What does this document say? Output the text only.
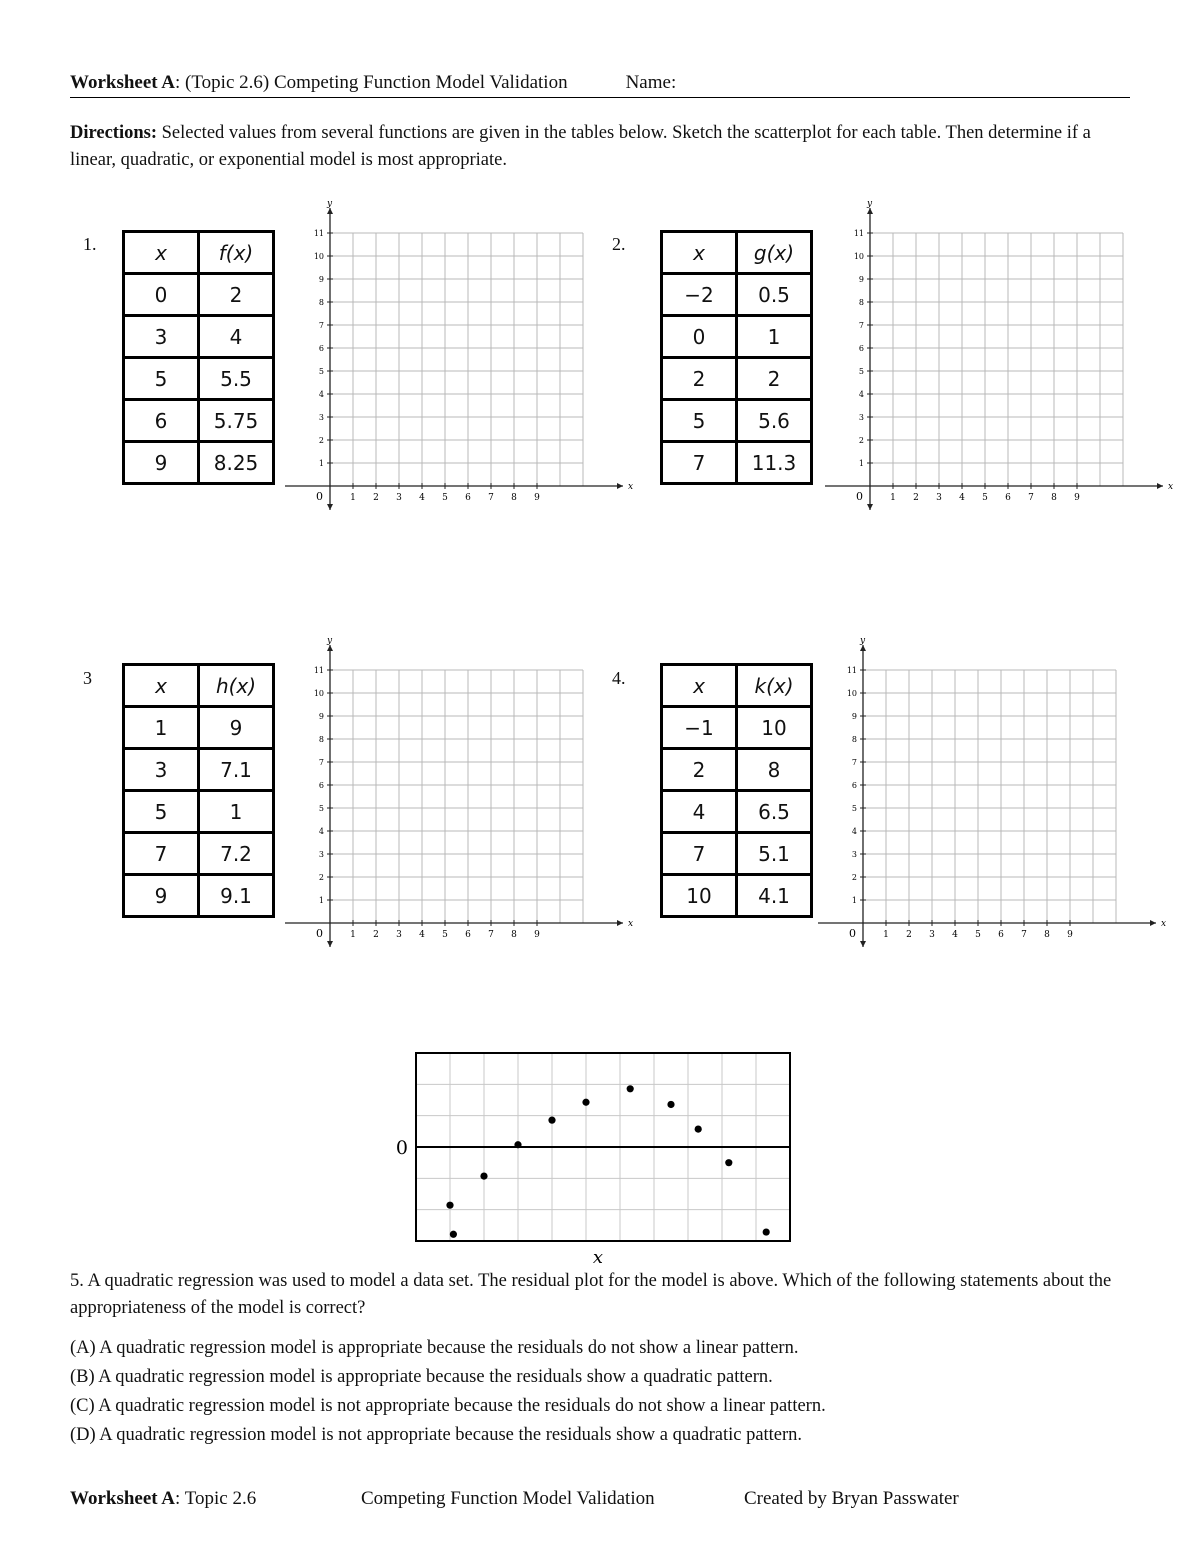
Worksheet A: (Topic 2.6) Competing Function Model Validation	Name:
Directions: Selected values from several functions are given in the tables below. Sketch the scatterplot for each table. Then determine if a linear, quadratic, or exponential model is most appropriate.
1.	2.
3	4.
x	f(x)
0	2
3	4
5	5.5
6	5.75
9	8.25
x	g(x)
−2	0.5
0	1
2	2
5	5.6
7	11.3
x	h(x)
1	9
3	7.1
5	1
7	7.2
9	9.1
x	k(x)
−1	10
2	8
4	6.5
7	5.1
10	4.1
x
y
0	1 2 3 4 5 6 7 8 9
1
2
3
4
5
6
7
8
9
10
11
x
y
0	1 2 3 4 5 6 7 8 9
1
2
3
4
5
6
7
8
9
10
11
x
y
0	1 2 3 4 5 6 7 8 9
1
2
3
4
5
6
7
8
9
10
11
x
y
0	1 2 3 4 5 6 7 8 9
1
2
3
4
5
6
7
8
9
10
11
0
x
5. A quadratic regression was used to model a data set. The residual plot for the model is above. Which of the following statements about the appropriateness of the model is correct?
(A) A quadratic regression model is appropriate because the residuals do not show a linear pattern.
(B) A quadratic regression model is appropriate because the residuals show a quadratic pattern.
(C) A quadratic regression model is not appropriate because the residuals do not show a linear pattern.
(D) A quadratic regression model is not appropriate because the residuals show a quadratic pattern.
Worksheet A: Topic 2.6	Competing Function Model Validation	Created by Bryan Passwater
